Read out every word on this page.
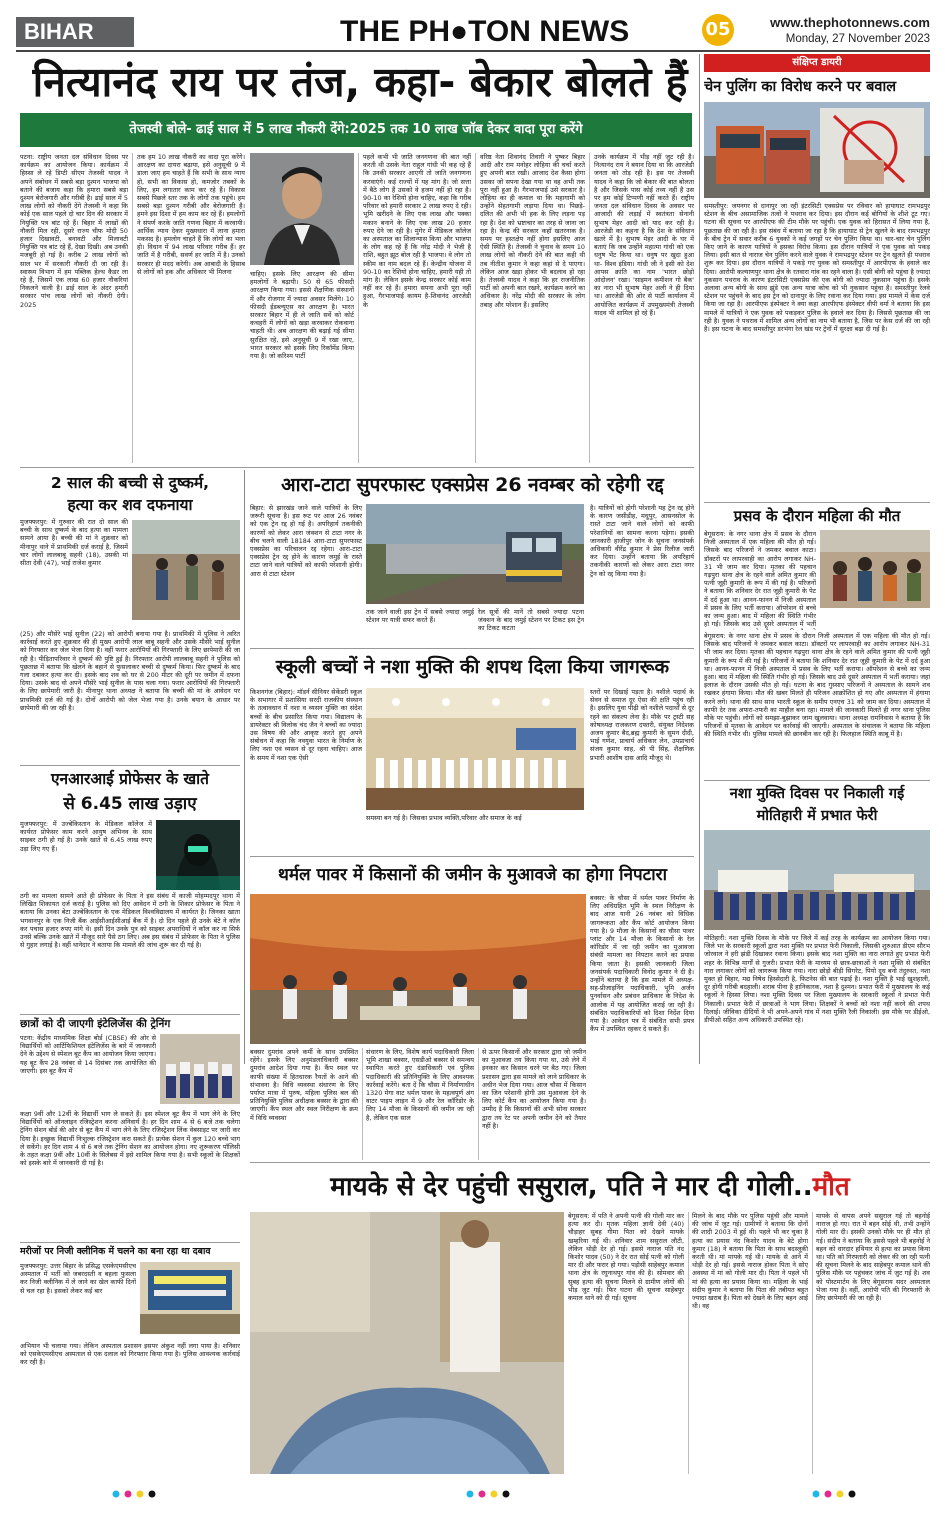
BIHAR	THE PH●TON NEWS	05	www.thephotonnews.com
Monday, 27 November 2023
नित्यानंद राय पर तंज, कहा- बेकार बोलते हैं
तेजस्वी बोले- ढाई साल में 5 लाख नौकरी देंगे:2025 तक 10 लाख जॉब देकर वादा पूरा करेंगे
पटना: राष्ट्रीय जनता दल संविधान दिवस पर कार्यक्रम का आयोजन किया। कार्यक्रम में हिस्सा ले रहे डिप्टी सीएम तेजस्वी यादव ने अपने संबोधन में सबसे बड़ा दुश्मन भाजपा को बताने की बजाय कहा कि हमारा सबसे बड़ा दुश्मन बेरोजगारी और गरीबी है। ढाई साल में 5 लाख लोगों को नौकरी देंगे तेजस्वी ने कहा कि कोई एक साल पहले दो चार दिन की सरकार में नियुक्ति पत्र बांट रहे हैं। बिहार में लाखों की नौकरी मिल रही, दूसरे राज्य चीफ मोदी 50 हजार दिखावटी, बनावटी और मिलावटी नियुक्ति पत्र बांट रहे हैं, देखा दिखी। अब उनकी मजबूरी हो गई है। करीब 2 लाख लोगों को साल भर में सरकारी नौकरी दी जा रही है। स्वास्थ्य विभाग में हम पब्लिक हेल्थ कैडर ला रहे हैं, जिसमें एक लाख 60 हजार नौकरियां निकलने वाली है। ढाई साल के अंदर हमारी सरकार पांच लाख लोगों को नौकरी देगी। 2025
तक हम 10 लाख नौकरी का वादा पूरा करेंगे। आरक्षण का दायरा बढ़ाया, इसे अनुसूची 9 में डाला जाए हम चाहते हैं कि सभी के साथ न्याय हो, सभी का विकास हो, कमजोर तबकों के लिए, हम लगातार काम कर रहे हैं। विकास सबसे पिछले स्तर तक के लोगों तक पहुंचे। हम सबसे बड़ा दुश्मन गरीबी और बेरोजगारी है। हमने इस दिशा में हम काम कर रहे हैं। हमलोगों ने संपर्ण करके जाति गणना बिहार में करवायी। आर्थिक न्याय देकर मुख्यधारा में लाना हमारा मकसद है। हमलोग चाहते हैं कि लोगों का भला हो। विधान में 94 लाख परिवार गरीब हैं। हर जाति में है गरीबी, सवर्ण हर जाति में है। उनको सरकार ही मदद करेगी। अब आबादी के हिसाब से लोगों को हक और अधिकार भी मिलना	चाहिए। इसके लिए आरक्षण की सीमा हमलोगों ने बढ़ायी। 50 से 65 फीसदी आरक्षण किया गया। इससे शैक्षणिक संस्थानों में और रोजगार में ज्यादा अवसर मिलेंगे। 10 फीसदी ईडब्ल्यूएस का आरक्षण है। भारत सरकार बिहार में ही ले जाति सर्वे को कोर्ट कचहरी में लोगों को खड़ा करवाकर रोकवाना चाहती थी। अब आरक्षण की बढ़ाई गई सीमा सुरक्षित रहे, इसे अनुसूची 9 में रखा जाए, भारत सरकार को इसके लिए रिकॉमेंड किया गया है। जो करिश्म पार्टी
पहले कभी भी जाति जनगणना की बात नहीं करती थी उसके नेता राहुल गांधी भी कह रहे हैं कि उनकी सरकार आएगी तो जाति जनगणना करवाएंगे। कई राज्यों में यह मांग है। जो सत्ता में बैठे लोग हैं उसको वे हजम नहीं हो रहा है। 90-10 का रेशियो होना चाहिए, कहा कि गरीब परिवार को हमारी सरकार 2 लाख रुपए दे रही। भूमि खरीदने के लिए एक लाख और पक्का मकान बनाने के लिए एक लाख 20 हजार रुपए देने जा रही है। मुंगेर में मेडिकल कॉलेज का अस्पताल का शिलान्यास किया और भाजपा के लोग कह रहे हैं कि नरेंद्र मोदी ने भेजी है राशि, बहुत झूठ बोल रही है भाजपा। वे लोग तो स्कीम का नाम बदल रहे हैं। केन्द्रीय योजना में 90-10 का रेशियो होना चाहिए, हमारी यही तो मांग है। लेकिन इसके केन्द्र सरकार कोई काम नहीं कर रहे हैं। हमारा सपना अभी पूरा नहीं हुआ, गैरभाजपाई कायम है-शिवानंद आरजेडी के
वरिष्ठ नेता शिवानंद तिवारी ने पुष्कर बिहार आदी और राम मनोहर लोहिया की चर्चा करते हुए अपनी बात रखी। आजाद देश कैसा होगा उसका जो सपना देखा गया था वह अभी तक पूरा नहीं हुआ है। गैरभाजपाई उसे सरकार है। लोहिया का ही कमाल था कि महागामी को उन्होंने सेहतगामी लड़ाया दिया था। पिछड़े- दलित की अभी भी हक के लिए लड़ना पड़ रहा है। देश को भ्रष्टाचार का तरह से जाना जा रहा है। केन्द्र की सरकार कहाँ खतरनाक है। समय पर हस्तक्षेप नहीं होगा इसलिए आज ऐसी स्थिति है। तेजस्वी ने चुनाव के समय 10 लाख लोगों को नौकरी देने की बात कही थी तब नीतीश कुमार ने कहा कहां से दे पाएगा। लेकिन आज खड़ा होकर भी बदलाव हो रहा है। तेजस्वी यादव ने कहा कि हर राजनीतिक पार्टी को अपनी बात रखने, कार्यक्रम करने का अधिकार है। नरेंद्र मोदी की सरकार के लोग तबाह और परेशान हैं। इसलिए
उनके कार्यक्रम में भीड़ नहीं जुट रही है। नित्यानंद राय ने बयान दिया था कि आरजेडी जनता को तोड़ रही है। इस पर तेजस्वी यादव ने कहा कि जो बेकार की बात बोलता है और जिसके पास कोई तथ्य नहीं है उस पर हम कोई टिप्पणी नहीं करते हैं। राष्ट्रीय जनता दल संविधान दिवस के अवसर पर आजादी की लड़ाई में स्वतंत्रता सेनानी सुभाष मेहर आदी को याद कर रही है। आरजेडी का कहना है कि देश के संविधान खतरे में है। सुभाष मेहर आदी के घर में बताएं कि जब उन्होंने महात्मा गांधी को एक धनुष भेंट किया था। धनुष पर खुदा हुआ था- विश्व इंडिया। गांधी जी ने इसी को देश आपस क्रांति का नाम 'भारत छोड़ो आंदोलन' रखा। 'साइमन कमीशन गो बैक' का नारा भी सुभाष मेहर अली ने ही दिया था। आरजेडी की ओर से पार्टी कार्यालय में आयोजित कार्यक्रम में उपमुख्यमंत्री तेजस्वी यादव भी शामिल हो रहे हैं।
संक्षिप्त डायरी
चेन पुलिंग का विरोध करने पर बवाल
समस्तीपुर: जयनगर से दानापुर जा रही इंटरसिटी एक्सप्रेस पर रविवार को हायाघाट रामभद्रपुर स्टेशन के बीच असामाजिक तत्वों ने पथराव कर दिया। इस दौरान कई बोगियों के शीशे टूट गए। घटना की सूचना पर आरपीएफ की टीम मौके पर पहुंची। एक युवक को हिरासत में लिया गया है, पूछताछ की जा रही है। इस संबंध में बताया जा रहा है कि हायाघाट से ट्रेन खुलने के बाद रामभद्रपुर के बीच ट्रेन में सवार करीब 6 युवकों ने कई जगहों पर चेन पुलिंग किया था। चार-चार चेन पुलिंग किए जाने के कारण यात्रियों ने इसका विरोध किया। इस दौरान यात्रियों ने एक युवक को पकड़ लिया। इसी बात से नाराज चेन पुलिंग करने वाले युवक ने रामभद्रपुर स्टेशन पर ट्रेन खुलते ही पथराव शुरू कर दिया। इस दौरान यात्रियों ने पकड़े गए युवक को समस्तीपुर में आरपीएफ के हवाले कर दिया। आरोपी कल्याणपुर थाना क्षेत्र के रतवारा गांव का रहने वाला है। एसी बोगी को पहुंचा है ज्यादा नुकसान पथराव के कारण इंटरसिटी एक्सप्रेस की एक बोगी को ज्यादा नुकसान पहुंचा है। इसके अलावा अन्य बोगी के साथ झुंडे एक अन्य यात्रा कोच को भी नुकसान पहुंचा है। समस्तीपुर रेलवे स्टेशन पर पहुंचने के बाद इस ट्रेन को दानापुर के लिए रवाना कर दिया गया। इस मामले में केस दर्ज किया जा रहा है। आरपीएफ इंस्पेक्टर ने क्या कहा आरपीएफ इंस्पेक्टर वीपी वर्मा ने बताया कि इस मामले में यात्रियों ने एक युवक को पकड़कर पुलिस के हवाले कर दिया है। जिससे पूछताछ की जा रही है। युवक ने पथराव में शामिल अन्य लोगों का नाम भी बताया है, जिस पर केस दर्ज की जा रही है। इस घटना के बाद समस्तीपुर डरभंगा रेल खंड पर ट्रेनों में सुरक्षा बढ़ा दी गई है।
प्रसव के दौरान महिला की मौत
बेगूसराय: के नगर थाना क्षेत्र में प्रसव के दौरान निजी अस्पताल में एक महिला की मौत हो गई। जिसके बाद परिजनों ने जमकर बवाल काटा। डॉक्टरों पर लापरवाही का आरोप लगाकर NH-31 भी जाम कर दिया। मृतका की पहचान गढ़पुरा थाना क्षेत्र के रहने वाले अमित कुमार की पत्नी जूही कुमारी के रूप में की गई है। परिजनों ने बताया कि शनिवार देर रात जूही कुमारी के पेट में दर्द हुआ था। आनन-फानन में निजी अस्पताल में प्रसव के लिए भर्ती कराया। ऑपरेशन से बच्चे का जन्म हुआ। बाद में महिला की स्थिति गंभीर हो गई। जिसके बाद उसे दूसरे अस्पताल में भर्ती
बेगूसराय: के नगर थाना क्षेत्र में प्रसव के दौरान निजी अस्पताल में एक महिला की मौत हो गई। जिसके बाद परिजनों ने जमकर बवाल काटा। डॉक्टरों पर लापरवाही का आरोप लगाकर NH-31 भी जाम कर दिया। मृतका की पहचान गढ़पुरा थाना क्षेत्र के रहने वाले अमित कुमार की पत्नी जूही कुमारी के रूप में की गई है। परिजनों ने बताया कि शनिवार देर रात जूही कुमारी के पेट में दर्द हुआ था। आनन-फानन में निजी अस्पताल में प्रसव के लिए भर्ती कराया। ऑपरेशन से बच्चे का जन्म हुआ। बाद में महिला की स्थिति गंभीर हो गई। जिसके बाद उसे दूसरे अस्पताल में भर्ती कराया। जहां इलाज के दौरान उसकी मौत हो गई। घटना के बाद गुस्साए परिजनों ने अस्पताल के सामने शव रखकर हंगामा किया। मौत की खबर मिलते ही परिजन आक्रोशित हो गए और अस्पताल में हंगामा करने लगे। थाना की साथ साथ भारती स्कूल के समीप एनएच 31 को जाम कर दिया। अस्पताल में काफी देर तक अफरा-तफरी का माहौल बना रहा। मामले की जानकारी मिलते ही नगर थाना पुलिस मौके पर पहुंची। लोगों को समझा-बुझाकर जाम खुलवाया। थाना अध्यक्ष रामनिवास ने बताया है कि परिजनों से मृतका के आवेदन पर कार्रवाई की जाएगी। अस्पताल के संचालक ने बताया कि महिला की स्थिति गंभीर थी। पुलिस मामले की छानबीन कर रही है। फिलहाल स्थिति काबू में है।
नशा मुक्ति दिवस पर निकाली गई
मोतिहारी में प्रभात फेरी
मोतिहारी: नशा मुक्ति दिवस के मौके पर जिले में कई तरह के कार्यक्रम का आयोजन किया गया। जिले भर के सरकारी स्कूलों द्वारा नशा मुक्ति पर प्रभात फेरी निकाली, जिसकी शुरुआत डीएम सौरभ जोरवाल ने हरी झंडी दिखाकर रवाना किया। इसके बाद नशा मुक्ति का नारा लगाते हुए प्रभात फेरी शहर के विभिन्न मार्गों से गुजरी। प्रभात फेरी के माध्यम से छात्र-छात्राओं ने नशा मुक्ति से संबंधित नारा लगाकर लोगों को जागरूक किया गया। नारा छोड़ो बीड़ी सिगरेट, पियो दूध बनो तंदुरुस्त, नशा मुक्त हो बिहार, मद्य निषेध हिस्सेदारी है, फिटनेस की बात पढ़ाई है। नशा मुक्ति है भाई खुशहाली, दूर होगी गरीबी बदहाली। शराब पीना है हानिकारक, नशा है दुश्मन। प्रभात फेरी में मुख्यालय के कई स्कूलों ने हिस्सा लिया। नशा मुक्ति दिवस पर जिला मुख्यालय के सरकारी स्कूलों ने प्रभात फेरी निकाली। प्रभात फेरी में छात्राओं ने भाग लिया। शिक्षकों ने बच्चों को नशा नहीं करने की शपथ दिलाई। जीविका दीदियों ने भी अपने-अपने गांव में नशा मुक्ति रैली निकाली। इस मौके पर डीईओ, डीपीओ सहित अन्य अधिकारी उपस्थित रहे।
2 साल की बच्ची से दुष्कर्म,
हत्या कर शव दफनाया
मुजफ्फरपुर: में गुरुवार की रात दो साल की बच्ची के साथ दुष्कर्म के बाद हत्या का मामला सामने आया है। बच्ची की मां ने शुक्रवार को मीनापुर थाने में प्राथमिकी दर्ज कराई है, जिसमें चार लोगों लालबाबू सहनी (18), उसकी मां सीता देवी (47), भाई राजेश कुमार
(25) और मौसेरे भाई सुनील (22) को आरोपी बनाया गया है। प्राथमिकी में पुलिस ने त्वरित कार्रवाई करते हुए शुक्रवार की ही मुख्य आरोपी लाल बाबू सहनी और उसके मौसेरे भाई सुनील को गिरफ्तार कर जेल भेजा दिया है। वहीं फरार आरोपियों की गिरफ्तारी के लिए छापेमारी की जा रही है। पीड़ितापरिवार ने दुष्कर्म की पुष्टि हुई है। गिरफ्तार आरोपी लालबाबू सहनी ने पुलिस को पूछताछ में बताया कि खेलने के बहाने से फुसलाकर बच्ची से दुष्कर्म किया। फिर दुष्कर्म के बाद गला दबाकर हत्या कर दी। इसके बाद शव को घर से 200 मीटर की दूरी पर जमीन में दफना दिया। उसके बाद वो अपने मौसेरे भाई सुनील के पास चला गया। फरार आरोपियों की गिरफ्तारी के लिए छापेमारी जारी है। मीनापुर थाना अध्यक्ष ने बताया कि बच्ची की मां के आवेदन पर प्राथमिकी दर्ज की गई है। दोनों आरोपी को जेल भेजा गया है। उनके बयान के आधार पर छापेमारी की जा रही है।
एनआरआई प्रोफेसर के खाते
से 6.45 लाख उड़ाए
मुजफ्फरपुर: में उज्बेकिस्तान के मेडिकल कॉलेज में कार्यरत प्रोफेसर काम करने आयुष अभिनव के साथ साइबर ठगी हो गई है। उनके खाते से 6.45 लाख रुपए उड़ा लिए गए हैं।
ठगी का मामला सामने आते ही प्रोफेसर के पिता ने इस संबंध में काजी मोहम्मदपुर थाना में लिखित शिकायत दर्ज कराई है। पुलिस को दिए आवेदन में ठगी के शिकार प्रोफेसर के पिता ने बताया कि उनका बेटा उज्बेकिस्तान के एक मेडिकल विश्वविद्यालय में कार्यरत है। जिनका खाता भगवानपुर के एक निजी बैंक आईसीआईसीआई बैंक में है। दो दिन पहले ही उनके बेटे ने कॉल कर पचास हजार रुपए मांगे थे। इसी दिन उनके पुत्र को साइबर अपराधियों ने कॉल कर ना सिर्फ उनसे बल्कि उनके खाते में मौजूद सारे पैसे ठग लिए। अब इस संबंध में प्रोफेसर के पिता ने पुलिस से गुहार लगाई है। वहीं थानेदार ने बताया कि मामले की जांच शुरू कर दी गई है।
छात्रों को दी जाएगी इंटेलिजेंस की ट्रेनिंग
पटना: केंद्रीय माध्यमिक शिक्षा बोर्ड (CBSE) की ओर से विद्यार्थियों को आर्टिफिशियल इंटेलिजेंस के बारे में जानकारी देने के उद्देश्य से स्पेशल बूट कैंप का आयोजन किया जाएगा। यह बूट कैंप 28 नवंबर से 14 दिसंबर तक आयोजित की जाएगी। इस बूट कैंप में
कक्षा 9वीं और 12वीं के विद्यार्थी भाग ले सकते हैं। इस स्पेशल बूट कैंप में भाग लेने के लिए विद्यार्थियों को ऑनलाइन रजिस्ट्रेशन करना अनिवार्य है। हर दिन शाम 4 से 6 बजे तक चलेगा ट्रेनिंग सेशन बोर्ड की ओर से बूट कैंप में भाग लेने के लिए रजिस्ट्रेशन लिंक वेबसाइट पर जारी कर दिया है। इच्छुक विद्यार्थी निःशुल्क रजिस्ट्रेशन करा सकते हैं। प्रत्येक सेशन में कुल 120 बच्चे भाग ले सकेंगे। हर दिन शाम 4 से 6 बजे तक ट्रेनिंग सेशन का आयोजन होगा। नए शुरूकरण पॉलिसी के तहत कक्षा 9वीं और 10वीं के सिलेबस में इसे शामिल किया गया है। सभी स्कूलों के शिक्षकों को इसके बारे में जानकारी दी गई है।
मरीजों पर निजी क्लीनिक में चलने का बना रहा था दबाव
मुजफ्फरपुर: उत्तर बिहार के प्रसिद्ध एसकेएमसीएच अस्पताल में भर्ती को जबरदस्ती व बहला फुसला कर निजी क्लीनिक में ले जाने का खेल काफी दिनों से चल रहा है। इसको लेकर कई बार
अभियान भी चलाया गया। लेकिन अस्पताल प्रशासन इसपर अंकुश नहीं लगा पाया है। शनिवार को एसकेएमसीएच अस्पताल से एक दलाल को गिरफ्तार किया गया है। पुलिस आवश्यक कार्रवाई कर रही है।
आरा-टाटा सुपरफास्ट एक्सप्रेस 26 नवम्बर को रहेगी रद्द
बिहार: से झारखंड जाने वाले यात्रियों के लिए जरूरी सूचना है। इस रूट पर आज 26 नवंबर को एक ट्रेन रद्द हो गई है। अपरिहार्य तकनीकी कारणों को लेकर आरा जंक्शन से टाटा नगर के बीच चलने वाली 18184 आरा-टाटा सुपरफास्ट एक्सप्रेस का परिचालन रद्द रहेगा। आरा-टाटा एक्सप्रेस ट्रेन रद्द होने के कारण जमुई के रास्ते टाटा जाने वाले यात्रियों को काफी परेशानी होगी। आरा से टाटा स्टेशन
तक जाने वाली इस ट्रेन में सबसे ज्यादा जमुई स्टेशन पर यात्री सफर करते हैं।
रेल सूत्रों की मानें तो सबसे ज्यादा पटना जंक्शन के बाद जमुई स्टेशन पर टिकट इस ट्रेन का टिकट कटता
है। यात्रियों को होगी परेशानी यह ट्रेन रद्द होने के कारण जसीडीह, मधुपुर, आसनसोल के रास्ते टाटा जाने वाले लोगों को काफी परेशानियों का सामना करना पड़ेगा। इसकी जानकारी हाजीपुर जोन के सूचना जनसंपर्क अधिकारी वीरेंद्र कुमार ने प्रेस रिलीज जारी कर दिया। उन्होंने बताया कि अपरिहार्य तकनीकी कारणों को लेकर आरा टाटा नगर ट्रेन को रद्द किया गया है।
स्कूली बच्चों ने नशा मुक्ति की शपथ दिला किया जागरूक
किशनगंज (बिहार): मॉडर्न सीनियर सेकेंडरी स्कूल के सभागार में प्रशासिया सरदी राजकीय संस्थान के तत्वावधान में नशा व व्यसन मुक्ति का संदेश बच्चों के बीच प्रसारित किया गया। विद्यालय के डायरेक्टर श्री विलोक चंद जैन ने बच्चों का ज्यादा उस विषय की और आकृष्ट करते हुए अपने संबोधन में कहा कि नवयुवा भारत के निर्माण के लिए नशा एवं व्यसन से दूर रहना चाहिए। आज के समय में नशा एक ऐसी
समस्या बन गई है। जिसका प्रभाव व्यक्ति,परिवार और समाज के कई
स्तरों पर दिखाई पड़ता है। नशीले पदार्थ के सेवन से समाज दूर ऐसा की क्षति पहुंच रही है। इसलिए युवा पीढ़ी को नशीले पदार्थों से दूर रहने का संकल्प लेना है। मौके पर ट्रस्टी सह कोषाध्यक्ष राजकरण दफ्तरी, संयुक्त निदेशक अजय कुमार बैद,ब्रह्म कुमारी के सुमन दीदी, भाई गणेश, प्राचार्य अधिकार लेन, उपप्राचार्य संजय कुमार साह, श्री पी सिंह, शैक्षणिक प्रभारी आशीष दास आदि मौजूद थे।
थर्मल पावर में किसानों की जमीन के मुआवजे का होगा निपटारा
बक्सर: के चौसा में थर्मल पावर निर्माण के लिए अधिग्रहित भूमि के स्थल निरीक्षण के बाद आज यानी 26 नवंबर को विधिक जागरूकता और कैंप कोर्ट आयोजन किया गया है। 9 मौजा के किसानों का चौसा पावर प्लांट और 14 मौजा के किसानों के रेल कॉरिडोर में जा रही जमीन का मुआवजा संबंधी मामला का निपटान करने का प्रयास किया जाता है। इसकी जानकारी जिला जनसंपर्क पदाधिकारी विनोद कुमार ने दी है। उन्होंने बताया है कि इस मामले में अध्यक्ष-सह-प्रीजाइनिंग पदाधिकारी, भूमि अर्जन पुनर्वासन और प्रबंधन प्राधिकार के निदेश के आलोक में यह आयोजित कराई जा रही है। संबंधित पदाधिकारियों को दिशा निर्देश दिया गया है। आवेदन पत्र में संबंधित सभी प्रपत्र कैंप में उपस्थित रहकर दे सकते हैं।
बक्सर दुमरांव अपने कर्मी के साथ उपस्थित रहेंगे। इसके लिए अनुमंडलाधिकारी बक्सर दुमरांव आदेश दिया गया है। कैंप स्थल पर काफी संख्या में हितधारक रैयतों के आने की संभावना है। विधि व्यवस्था संधारण के लिए पर्याप्त मात्रा में पुरुष, महिला पुलिस बल की प्रतिनियुक्ति पुलिस अधीक्षक बक्सर के द्वारा की जाएगी। कैंप स्थल और स्थल निरीक्षण के क्रम में विधि व्यवस्था
संधारण के लिए, विशेष कार्य पदाधिकारी जिला भूमि शाखा बक्सर, एसडीओ बक्सर से समन्वय स्थापित करते हुए दंडाधिकारी एवं पुलिस पदाधिकारी की प्रतिनियुक्ति के लिए आवश्यक कार्रवाई करेंगे। बता दें कि चौसा में निर्माणाधीन 1320 मेगा वाट थर्मल पावर के महत्वपूर्ण अंग वाटर पाइप लाइन में 9 और रेल कॉरिडोर के लिए 14 मौजा के किसानों की जमीन जा रही है, लेकिन एक साल
से ऊपर किसानों और सरकार द्वारा जो जमीन का मुआवजा तय किया गया था, उसे लेने में इनकार कर किसान धरने पर बैठ गए। जिला प्रशासन द्वारा इस मामले को लाने प्राधिकार के अधीन भेज दिया गया। आज चौसा में किसान का जिन परेशानी होगी उस मुआवजा देने के लिए कोर्ट कैंप का आयोजन किया गया है। उम्मीद है कि किसानों की अभी सोना सरकार द्वारा तय रेट पर अपनी जमीन देने को तैयार नहीं है।
मायके से देर पहुंची ससुराल, पति ने मार दी गोली..मौत
बेगूसराय: में पति ने अपनी पत्नी की गोली मार कर हत्या कर दी। मृतक महिला ज्ञानी देवी (40) चौड़ाहर सुबह गीमा पिता को देखने मायके खम्हरिया गई थी। शनिवार शाम ससुराल लौटी, लेकिन थोड़ी देर हो गई। इससे नाराज पति नंद किशोर यादव (50) ने देर रात सोई पत्नी को गोली मार दी और फरार हो गया। पड़ोसी साहेबपुर कमाल थाना क्षेत्र के रघुनाथपुर गांव की है। सोमवार की सुबह हत्या की सूचना मिलने से ग्रामीण लोगों की भीड़ जुट गई। फिर घटना की सूचना साहेबपुर कमाल थाने को दी गई। सूचना
मिलने के बाद मौके पर पुलिस पहुंची और मामले की जांच में जुट गई। ग्रामीणों ने बताया कि दोनों की शादी 2003 में हुई थी। पहले भी कर चुका है हत्या का प्रयास नंद किशोर यादव के बेटे होगा कुमार (18) ने बताया कि पिता के साथ बदस्लूकी करती थी। मां मायके गई थी। मायके से आने में थोड़ी देर हो गई। इससे नाराज होकर पिता ने सोए अवस्था में मां को गोली मार दी। पिता ने पहले भी मां की हत्या का प्रयास किया था। महिला के भाई संदीप कुमार ने बताया कि पिता की तबीयत बहुत ज्यादा खराब है। पिता को देखने के लिए बहन आई थी। वह
मायके से वापस अपने ससुराल गई तो बहनोई नाराज हो गए। रात में बहन सोई थी, तभी उन्होंने गोली मार दी। इसकी उनको मौके पर ही मौत हो गई। संदीप ने बताया कि इससे पहले भी बहनोई ने बहन को धारदार हथियार से हत्या का प्रयास किया था। पति को गिरफ्तारी को लेकर की जा रही पत्नी की सूचना मिलने के बाद साहेबपुर कमाल थाने की पुलिस मौके पर पहुंचकर जांच में जुट गई है। शव को पोस्टमार्टम के लिए बेगूसराय सदर अस्पताल भेजा गया है। वहीं, आरोपी पति की गिरफ्तारी के लिए छापेमारी की जा रही है।
